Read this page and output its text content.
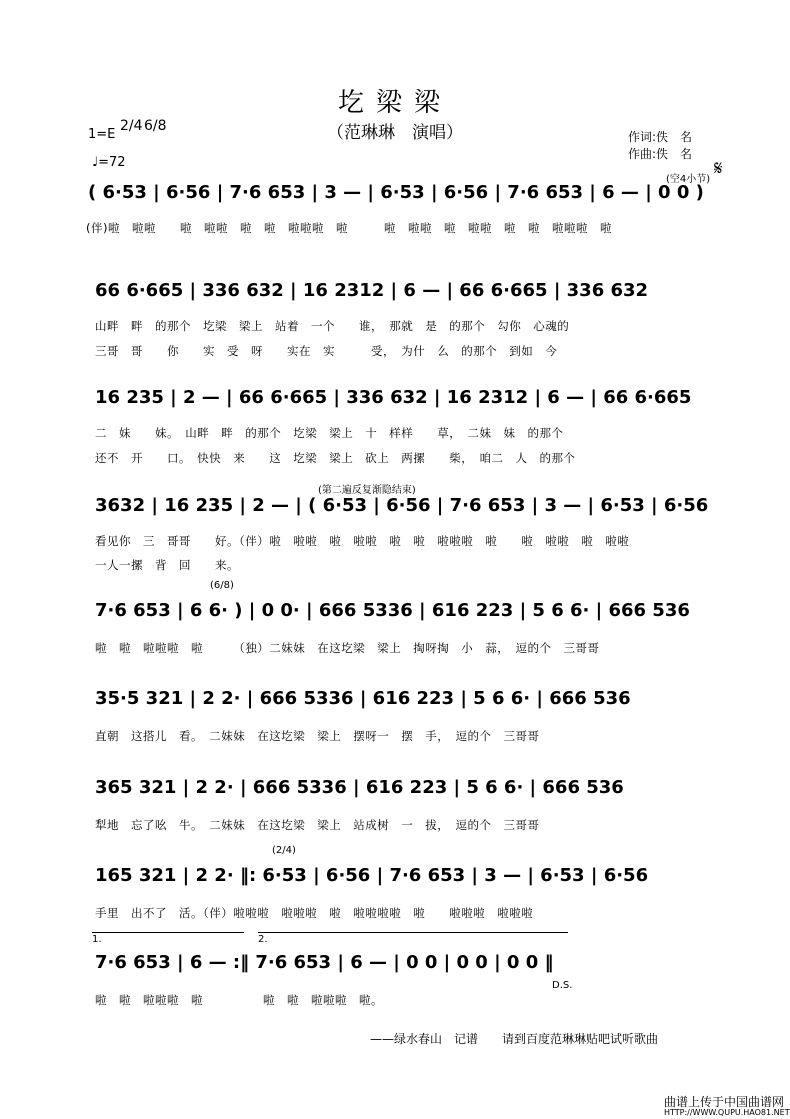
圪梁梁
（范琳琳　演唱）
1=E
2/4 6/8
♩=72
作词:佚　名
作曲:佚　名
𝄋
( 6·53 | 6·56 | 7·6 653 | 3 — | 6·53 | 6·56 | 7·6 653 | 6 — | 0 0 )
(空4小节)
(伴)啦　啦啦　　啦　啦啦　啦　啦　啦啦啦　啦　　　啦　啦啦　啦　啦啦　啦　啦　啦啦啦　啦
66 6·665 | 336 632 | 16 2312 | 6 — | 66 6·665 | 336 632
山畔　畔　的那个　圪梁　梁上　站着　一个　　谁，　那就　是　的那个　勾你　心魂的
三哥　哥　　你　　实　受　呀　　实在　实　　　受，　为什　么　的那个　到如　今
16 235 | 2 — | 66 6·665 | 336 632 | 16 2312 | 6 — | 66 6·665
二　妹　　妹。　山畔　畔　的那个　圪梁　梁上　十　样样　　草，　二妹　妹　的那个
还不　开　　口。　快快　来　　这　圪梁　梁上　砍上　两摞　　柴，　咱二　人　的那个
3632 | 16 235 | 2 — | ( 6·53 | 6·56 | 7·6 653 | 3 — | 6·53 | 6·56
(第二遍反复渐隐结束)
看见你　三　哥哥　　好。（伴）啦　啦啦　啦　啦啦　啦　啦　啦啦啦　啦　　啦　啦啦　啦　啦啦
一人一摞　背　回　　来。
7·6 653 | 6 6· ) | 0 0· | 666 5336 | 616 223 | 5 6 6· | 666 536
(6/8)
啦　啦　啦啦啦　啦　　　（独）二妹妹　在这圪梁　梁上　掏呀掏　小　蒜，　逗的个　三哥哥
35·5 321 | 2 2· | 666 5336 | 616 223 | 5 6 6· | 666 536
直朝　这搭儿　看。　二妹妹　在这圪梁　梁上　摆呀一　摆　手，　逗的个　三哥哥
365 321 | 2 2· | 666 5336 | 616 223 | 5 6 6· | 666 536
犁地　忘了吆　牛。　二妹妹　在这圪梁　梁上　站成树　一　拔，　逗的个　三哥哥
165 321 | 2 2· ‖: 6·53 | 6·56 | 7·6 653 | 3 — | 6·53 | 6·56
(2/4)
手里　出不了　活。（伴）啦啦啦　啦啦啦　啦　啦啦啦啦　啦　　啦啦啦　啦啦啦
1.	2.
7·6 653 | 6 — :‖ 7·6 653 | 6 — | 0 0 | 0 0 | 0 0 ‖
D.S.
啦　啦　啦啦啦　啦　　　　　啦　啦　啦啦啦　啦。
——绿水春山　记谱 请到百度范琳琳贴吧试听歌曲
曲谱上传于中国曲谱网
HTTP://WWW.QUPU.HAO81.NET
